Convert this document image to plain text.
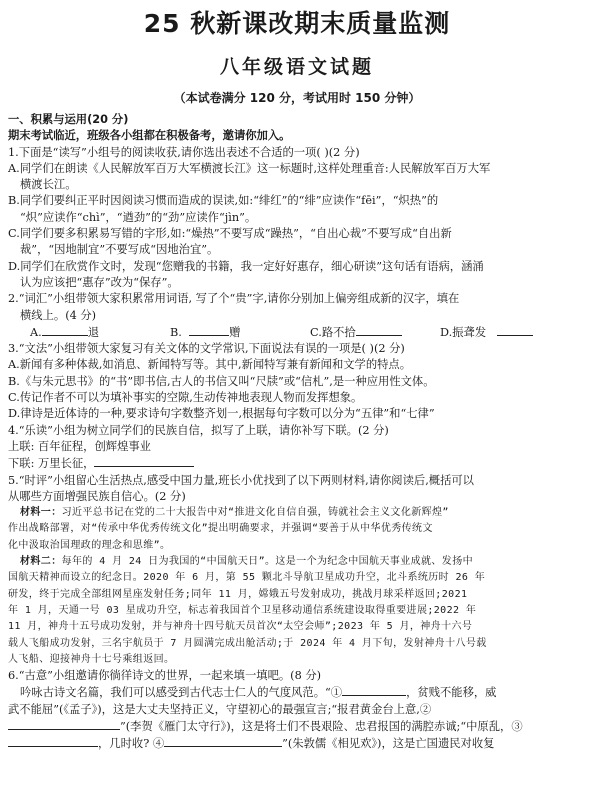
25 秋新课改期末质量监测
八年级语文试题
（本试卷满分 120 分，考试用时 150 分钟）
一、积累与运用(20 分)
期末考试临近，班级各小组都在积极备考，邀请你加入。
1.下面是“读写”小组号的阅读收获,请你选出表述不合适的一项( )(2 分)
A.同学们在朗读《人民解放军百万大军横渡长江》这一标题时,这样处理重音:人民解放军百万大军
横渡长江。
B.同学们要纠正平时因阅读习惯而造成的误读,如:“绯红”的“绯”应读作“fēi”，“炽热”的
“炽”应读作“chì”，“遒劲”的“劲”应读作“jìn”。
C.同学们要多积累易写错的字形,如:“燥热”不要写成“躁热”，“自出心裁”不要写成“自出新
裁”，“因地制宜”不要写成“因地治宜”。
D.同学们在欣赏作文时，发现“您赠我的书籍，我一定好好惠存，细心研读”这句话有语病，涵涌
认为应该把“惠存”改为“保存”。
2.“词汇”小组带领大家积累常用词语, 写了个“贵”字,请你分别加上偏旁组成新的汉字，填在
横线上。(4 分)
A.	退	B.	赠	C.路不拾	D.振聋发
3.“文法”小组带领大家复习有关文体的文学常识,下面说法有误的一项是( )(2 分)
A.新闻有多种体裁,如消息、新闻特写等。其中,新闻特写兼有新闻和文学的特点。
B.《与朱元思书》的“书”即书信,古人的书信又叫“尺牍”或“信札”,是一种应用性文体。
C.传记作者不可以为填补事实的空隙,生动传神地表现人物而发挥想象。
D.律诗是近体诗的一种,要求诗句字数整齐划一,根据每句字数可以分为“五律”和“七律”
4.“乐读”小组为树立同学们的民族自信，拟写了上联，请你补写下联。(2 分)
上联: 百年征程，创辉煌事业
下联: 万里长征，
5.“时评”小组留心生活热点,感受中国力量,班长小优找到了以下两则材料,请你阅读后,概括可以
从哪些方面增强民族自信心。(2 分)
材料一：习近平总书记在党的二十大报告中对“推进文化自信自强，铸就社会主义文化新辉煌”
作出战略部署，对“传承中华优秀传统文化”提出明确要求，并强调“要善于从中华优秀传统文
化中汲取治国理政的理念和思维”。
材料二：每年的 4 月 24 日为我国的“中国航天日”。这是一个为纪念中国航天事业成就、发扬中
国航天精神而设立的纪念日。2020 年 6 月，第 55 颗北斗导航卫星成功升空，北斗系统历时 26 年
研发，终于完成全部组网星座发射任务;同年 11 月，嫦娥五号发射成功，挑战月球采样返回;2021
年 1 月，天通一号 03 星成功升空，标志着我国首个卫星移动通信系统建设取得重要进展;2022 年
11 月，神舟十五号成功发射，并与神舟十四号航天员首次“太空会师”;2023 年 5 月，神舟十六号
载人飞船成功发射，三名宇航员于 7 月圆满完成出舱活动;于 2024 年 4 月下旬，发射神舟十八号载
人飞船、迎接神舟十七号乘组返回。
6.“古意”小组邀请你徜徉诗文的世界，一起来填一填吧。(8 分)
吟咏古诗文名篇，我们可以感受到古代志士仁人的气度风范。“①	，贫贱不能移，威
武不能屈”(《孟子》)，这是大丈夫坚持正义，守望初心的最强宣言;“报君黄金台上意,②
”(李贺《雁门太守行》)，这是将士们不畏艰险、忠君报国的满腔赤诚;“中原乱，③
，几时收? ④	”(朱敦儒《相见欢》)，这是亡国遗民对收复
